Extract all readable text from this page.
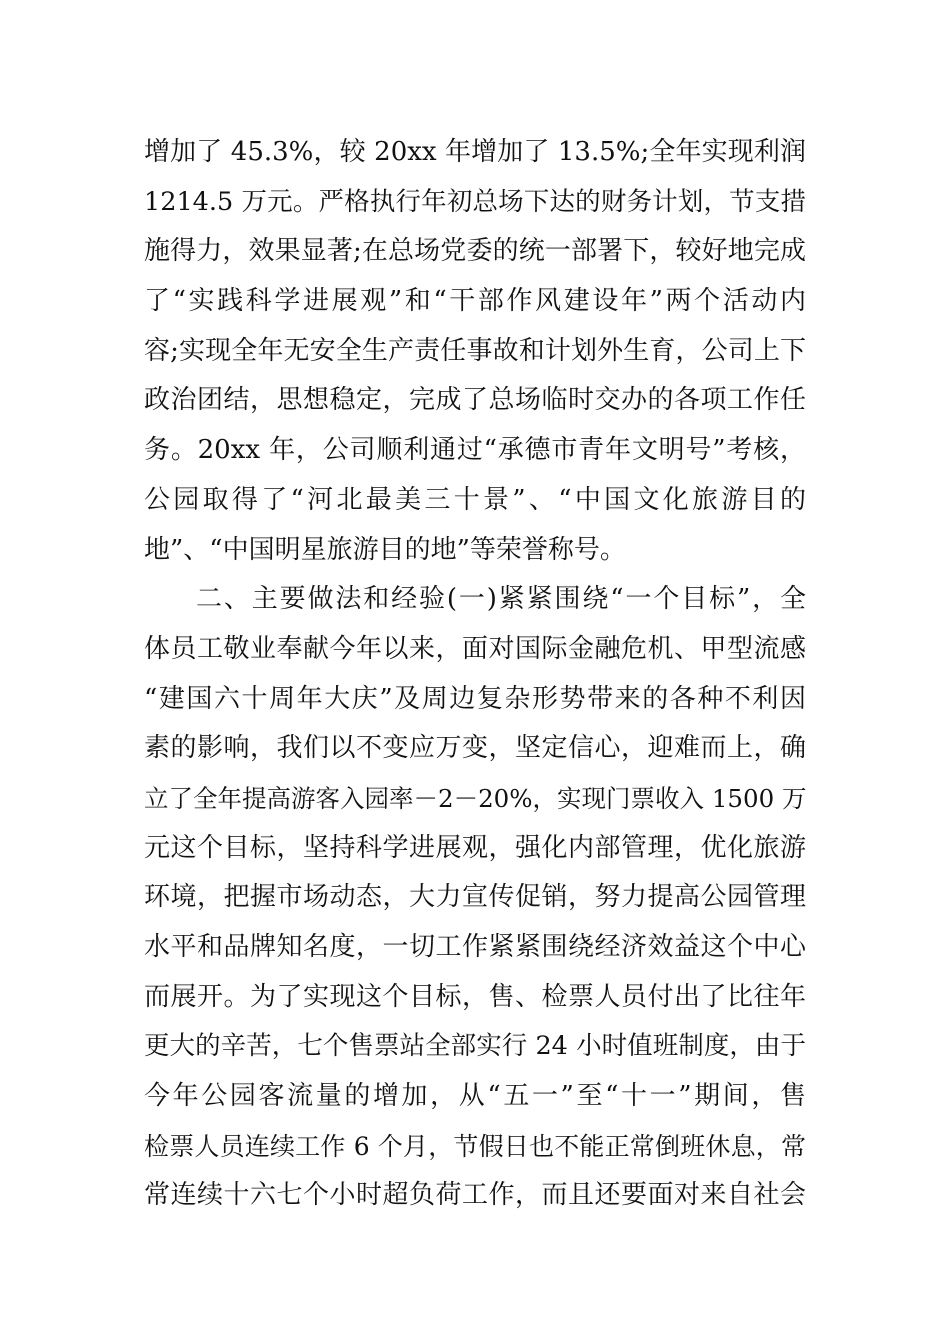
增加了 45.3%，较 20xx 年增加了 13.5%;全年实现利润
1214.5 万元。严格执行年初总场下达的财务计划，节支措
施得力，效果显著;在总场党委的统一部署下，较好地完成
了“实践科学进展观”和“干部作风建设年”两个活动内
容;实现全年无安全生产责任事故和计划外生育，公司上下
政治团结，思想稳定，完成了总场临时交办的各项工作任
务。20xx 年，公司顺利通过“承德市青年文明号”考核，
公园取得了“河北最美三十景”、“中国文化旅游目的
地”、“中国明星旅游目的地”等荣誉称号。
二、主要做法和经验(一)紧紧围绕“一个目标”，全
体员工敬业奉献今年以来，面对国际金融危机、甲型流感
“建国六十周年大庆”及周边复杂形势带来的各种不利因
素的影响，我们以不变应万变，坚定信心，迎难而上，确
立了全年提高游客入园率－2－20%，实现门票收入 1500 万
元这个目标，坚持科学进展观，强化内部管理，优化旅游
环境，把握市场动态，大力宣传促销，努力提高公园管理
水平和品牌知名度，一切工作紧紧围绕经济效益这个中心
而展开。为了实现这个目标，售、检票人员付出了比往年
更大的辛苦，七个售票站全部实行 24 小时值班制度，由于
今年公园客流量的增加，从“五一”至“十一”期间，售
检票人员连续工作 6 个月，节假日也不能正常倒班休息，常
常连续十六七个小时超负荷工作，而且还要面对来自社会
